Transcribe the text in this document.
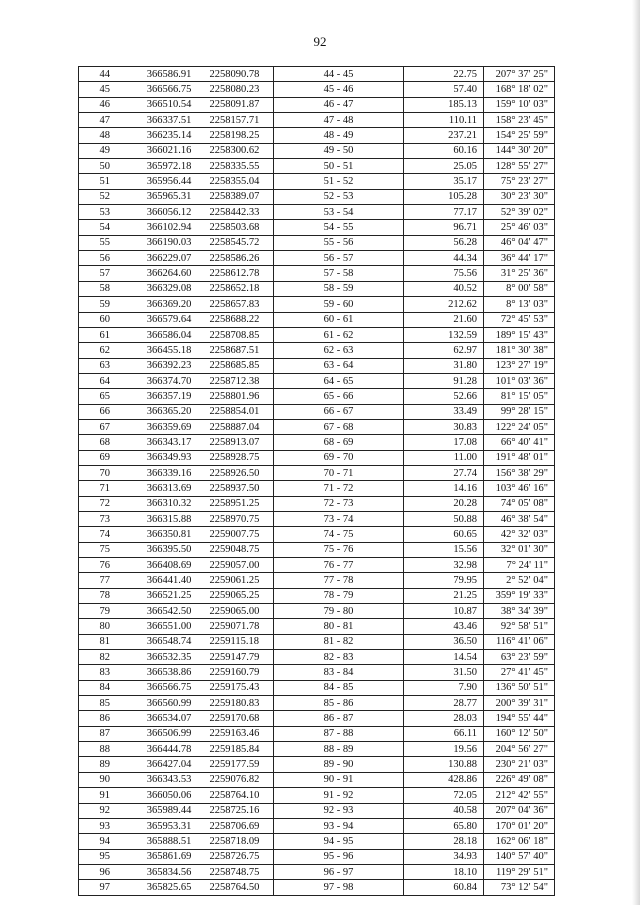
92
44	366586.91	2258090.78	44 - 45	22.75	207° 37' 25"
45	366566.75	2258080.23	45 - 46	57.40	168° 18' 02"
46	366510.54	2258091.87	46 - 47	185.13	159° 10' 03"
47	366337.51	2258157.71	47 - 48	110.11	158° 23' 45"
48	366235.14	2258198.25	48 - 49	237.21	154° 25' 59"
49	366021.16	2258300.62	49 - 50	60.16	144° 30' 20"
50	365972.18	2258335.55	50 - 51	25.05	128° 55' 27"
51	365956.44	2258355.04	51 - 52	35.17	75° 23' 27"
52	365965.31	2258389.07	52 - 53	105.28	30° 23' 30"
53	366056.12	2258442.33	53 - 54	77.17	52° 39' 02"
54	366102.94	2258503.68	54 - 55	96.71	25° 46' 03"
55	366190.03	2258545.72	55 - 56	56.28	46° 04' 47"
56	366229.07	2258586.26	56 - 57	44.34	36° 44' 17"
57	366264.60	2258612.78	57 - 58	75.56	31° 25' 36"
58	366329.08	2258652.18	58 - 59	40.52	8° 00' 58"
59	366369.20	2258657.83	59 - 60	212.62	8° 13' 03"
60	366579.64	2258688.22	60 - 61	21.60	72° 45' 53"
61	366586.04	2258708.85	61 - 62	132.59	189° 15' 43"
62	366455.18	2258687.51	62 - 63	62.97	181° 30' 38"
63	366392.23	2258685.85	63 - 64	31.80	123° 27' 19"
64	366374.70	2258712.38	64 - 65	91.28	101° 03' 36"
65	366357.19	2258801.96	65 - 66	52.66	81° 15' 05"
66	366365.20	2258854.01	66 - 67	33.49	99° 28' 15"
67	366359.69	2258887.04	67 - 68	30.83	122° 24' 05"
68	366343.17	2258913.07	68 - 69	17.08	66° 40' 41"
69	366349.93	2258928.75	69 - 70	11.00	191° 48' 01"
70	366339.16	2258926.50	70 - 71	27.74	156° 38' 29"
71	366313.69	2258937.50	71 - 72	14.16	103° 46' 16"
72	366310.32	2258951.25	72 - 73	20.28	74° 05' 08"
73	366315.88	2258970.75	73 - 74	50.88	46° 38' 54"
74	366350.81	2259007.75	74 - 75	60.65	42° 32' 03"
75	366395.50	2259048.75	75 - 76	15.56	32° 01' 30"
76	366408.69	2259057.00	76 - 77	32.98	7° 24' 11"
77	366441.40	2259061.25	77 - 78	79.95	2° 52' 04"
78	366521.25	2259065.25	78 - 79	21.25	359° 19' 33"
79	366542.50	2259065.00	79 - 80	10.87	38° 34' 39"
80	366551.00	2259071.78	80 - 81	43.46	92° 58' 51"
81	366548.74	2259115.18	81 - 82	36.50	116° 41' 06"
82	366532.35	2259147.79	82 - 83	14.54	63° 23' 59"
83	366538.86	2259160.79	83 - 84	31.50	27° 41' 45"
84	366566.75	2259175.43	84 - 85	7.90	136° 50' 51"
85	366560.99	2259180.83	85 - 86	28.77	200° 39' 31"
86	366534.07	2259170.68	86 - 87	28.03	194° 55' 44"
87	366506.99	2259163.46	87 - 88	66.11	160° 12' 50"
88	366444.78	2259185.84	88 - 89	19.56	204° 56' 27"
89	366427.04	2259177.59	89 - 90	130.88	230° 21' 03"
90	366343.53	2259076.82	90 - 91	428.86	226° 49' 08"
91	366050.06	2258764.10	91 - 92	72.05	212° 42' 55"
92	365989.44	2258725.16	92 - 93	40.58	207° 04' 36"
93	365953.31	2258706.69	93 - 94	65.80	170° 01' 20"
94	365888.51	2258718.09	94 - 95	28.18	162° 06' 18"
95	365861.69	2258726.75	95 - 96	34.93	140° 57' 40"
96	365834.56	2258748.75	96 - 97	18.10	119° 29' 51"
97	365825.65	2258764.50	97 - 98	60.84	73° 12' 54"
